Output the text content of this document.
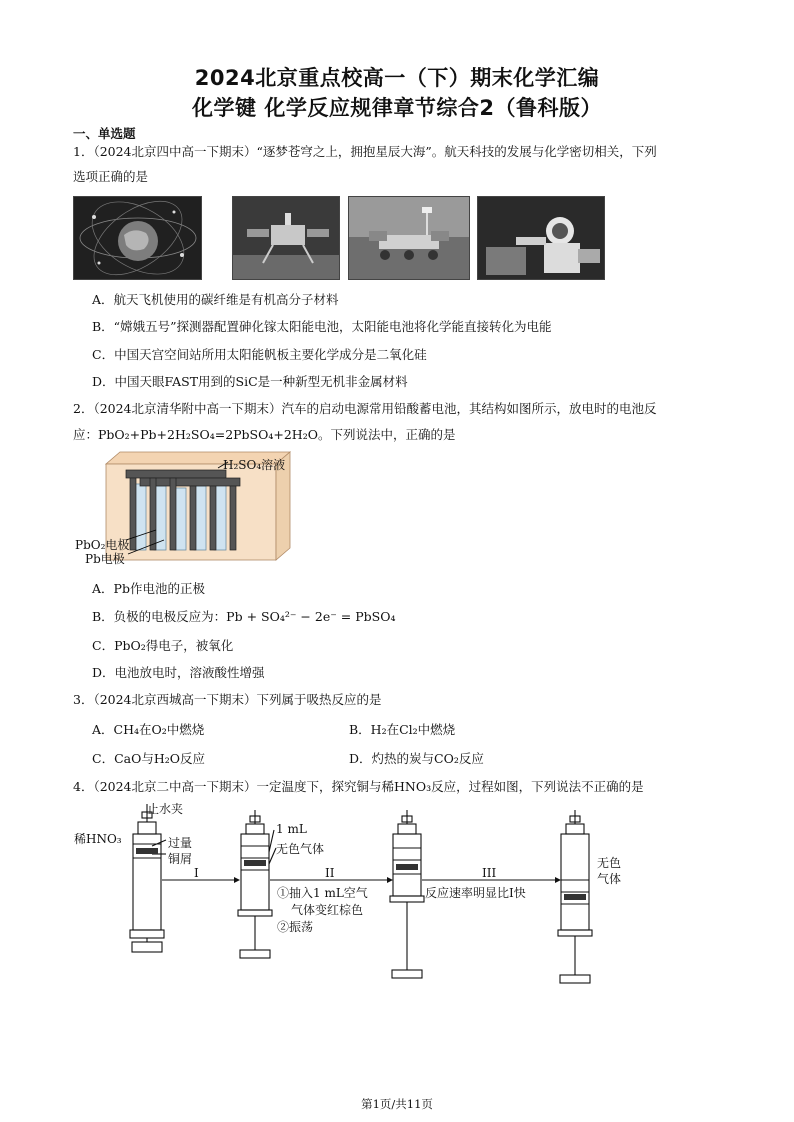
2024北京重点校高一（下）期末化学汇编
化学键 化学反应规律章节综合2（鲁科版）
一、单选题
1．（2024北京四中高一下期末）“逐梦苍穹之上，拥抱星辰大海”。航天科技的发展与化学密切相关，下列
选项正确的是
A．航天飞机使用的碳纤维是有机高分子材料
B．“嫦娥五号”探测器配置砷化镓太阳能电池，太阳能电池将化学能直接转化为电能
C．中国天宫空间站所用太阳能帆板主要化学成分是二氧化硅
D．中国天眼FAST用到的SiC是一种新型无机非金属材料
2．（2024北京清华附中高一下期末）汽车的启动电源常用铅酸蓄电池，其结构如图所示，放电时的电池反
应：PbO₂+Pb+2H₂SO₄=2PbSO₄+2H₂O。下列说法中，正确的是
H₂SO₄溶液
PbO₂电极
Pb电极
A．Pb作电池的正极
B．负极的电极反应为：Pb + SO₄²⁻ − 2e⁻ = PbSO₄
C．PbO₂得电子，被氧化
D．电池放电时，溶液酸性增强
3．（2024北京西城高一下期末）下列属于吸热反应的是
A．CH₄在O₂中燃烧	B．H₂在Cl₂中燃烧
C．CaO与H₂O反应	D．灼热的炭与CO₂反应
4．（2024北京二中高一下期末）一定温度下，探究铜与稀HNO₃反应，过程如图，下列说法不正确的是
止水夹
稀HNO₃	过量
铜屑
I
1 mL
无色气体
II
①抽入1 mL空气
气体变红棕色
②振荡
III
反应速率明显比I快
无色
气体
第1页/共11页
